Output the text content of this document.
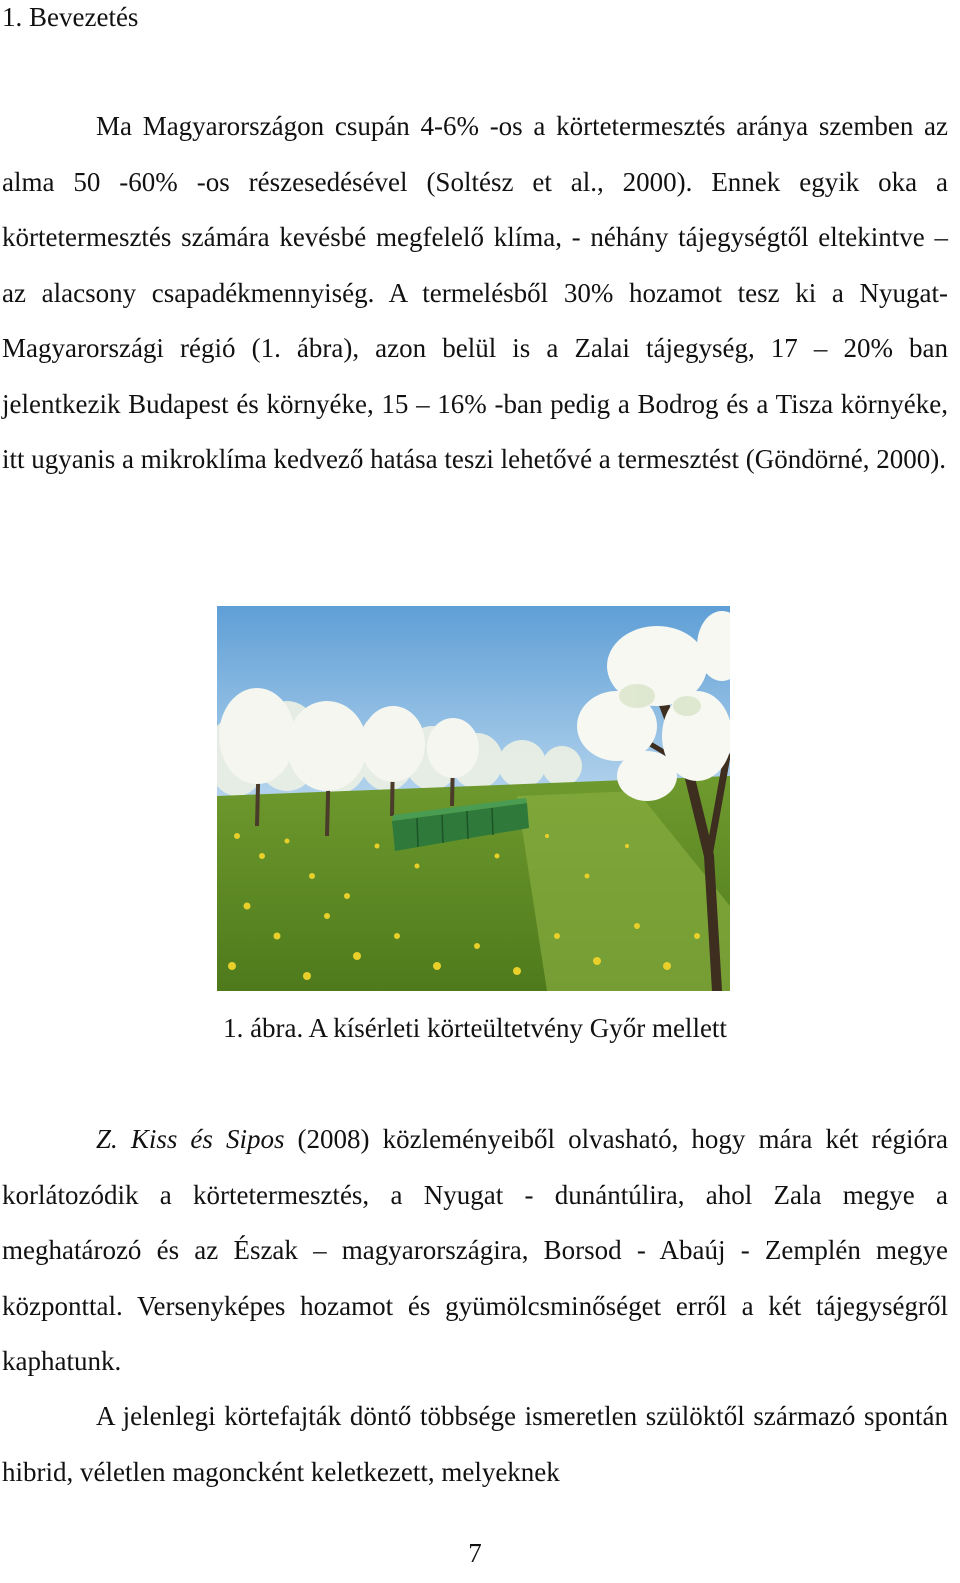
1. Bevezetés

Ma Magyarországon csupán 4-6% -os a körtetermesztés aránya szemben az alma 50 -60% -os részesedésével (Soltész et al., 2000). Ennek egyik oka a körtetermesztés számára kevésbé megfelelő klíma, - néhány tájegységtől eltekintve – az alacsony csapadékmennyiség. A termelésből 30% hozamot tesz ki a Nyugat-Magyarországi régió (1. ábra), azon belül is a Zalai tájegység, 17 – 20% ban jelentkezik Budapest és környéke, 15 – 16% -ban pedig a Bodrog és a Tisza környéke, itt ugyanis a mikroklíma kedvező hatása teszi lehetővé a termesztést (Göndörné, 2000).

1. ábra. A kísérleti körteültetvény Győr mellett

Z. Kiss és Sipos (2008) közleményeiből olvasható, hogy mára két régióra korlátozódik a körtetermesztés, a Nyugat - dunántúlira, ahol Zala megye a meghatározó és az Észak – magyarországira, Borsod - Abaúj - Zemplén megye központtal. Versenyképes hozamot és gyümölcsminőséget erről a két tájegységről kaphatunk.

A jelenlegi körtefajták döntő többsége ismeretlen szülöktől származó spontán hibrid, véletlen magoncként keletkezett, melyeknek

7
